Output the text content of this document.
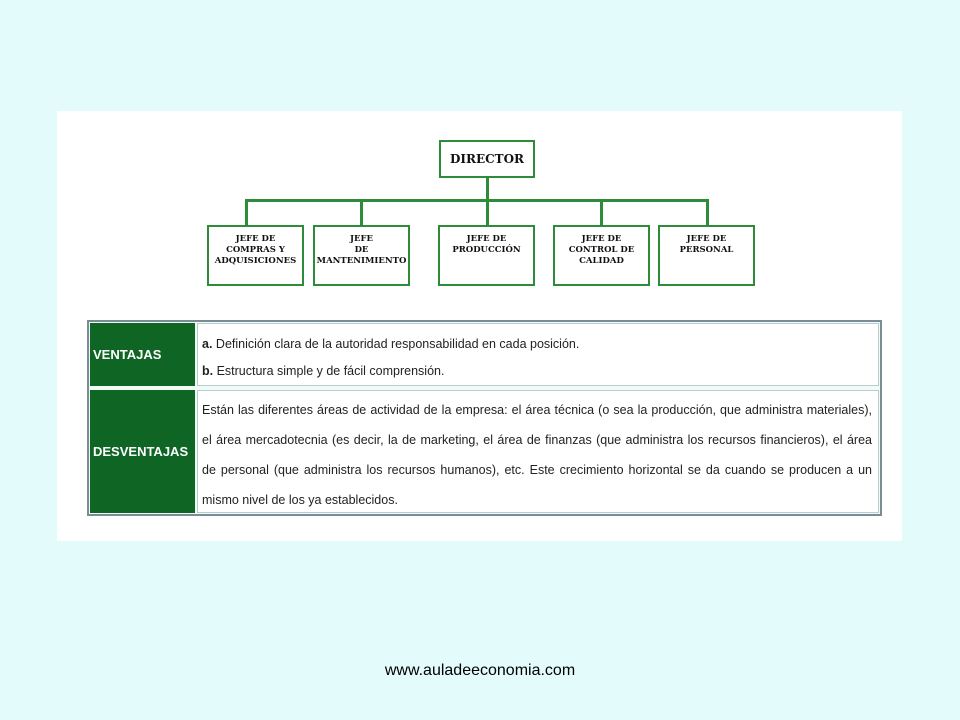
DIRECTOR
JEFE DE
COMPRAS Y
ADQUISICIONES
JEFE
DE
MANTENIMIENTO
JEFE DE
PRODUCCIÓN
JEFE DE
CONTROL DE
CALIDAD
JEFE DE
PERSONAL
VENTAJAS
a. Definición clara de la autoridad responsabilidad en cada posición.
b. Estructura simple y de fácil comprensión.
DESVENTAJAS
Están las diferentes áreas de actividad de la empresa: el área técnica (o sea la producción, que administra materiales), el área mercadotecnia (es decir, la de marketing, el área de finanzas (que administra los recursos financieros), el área de personal (que administra los recursos humanos), etc. Este crecimiento horizontal se da cuando se producen a un mismo nivel de los ya establecidos.
www.auladeeconomia.com
